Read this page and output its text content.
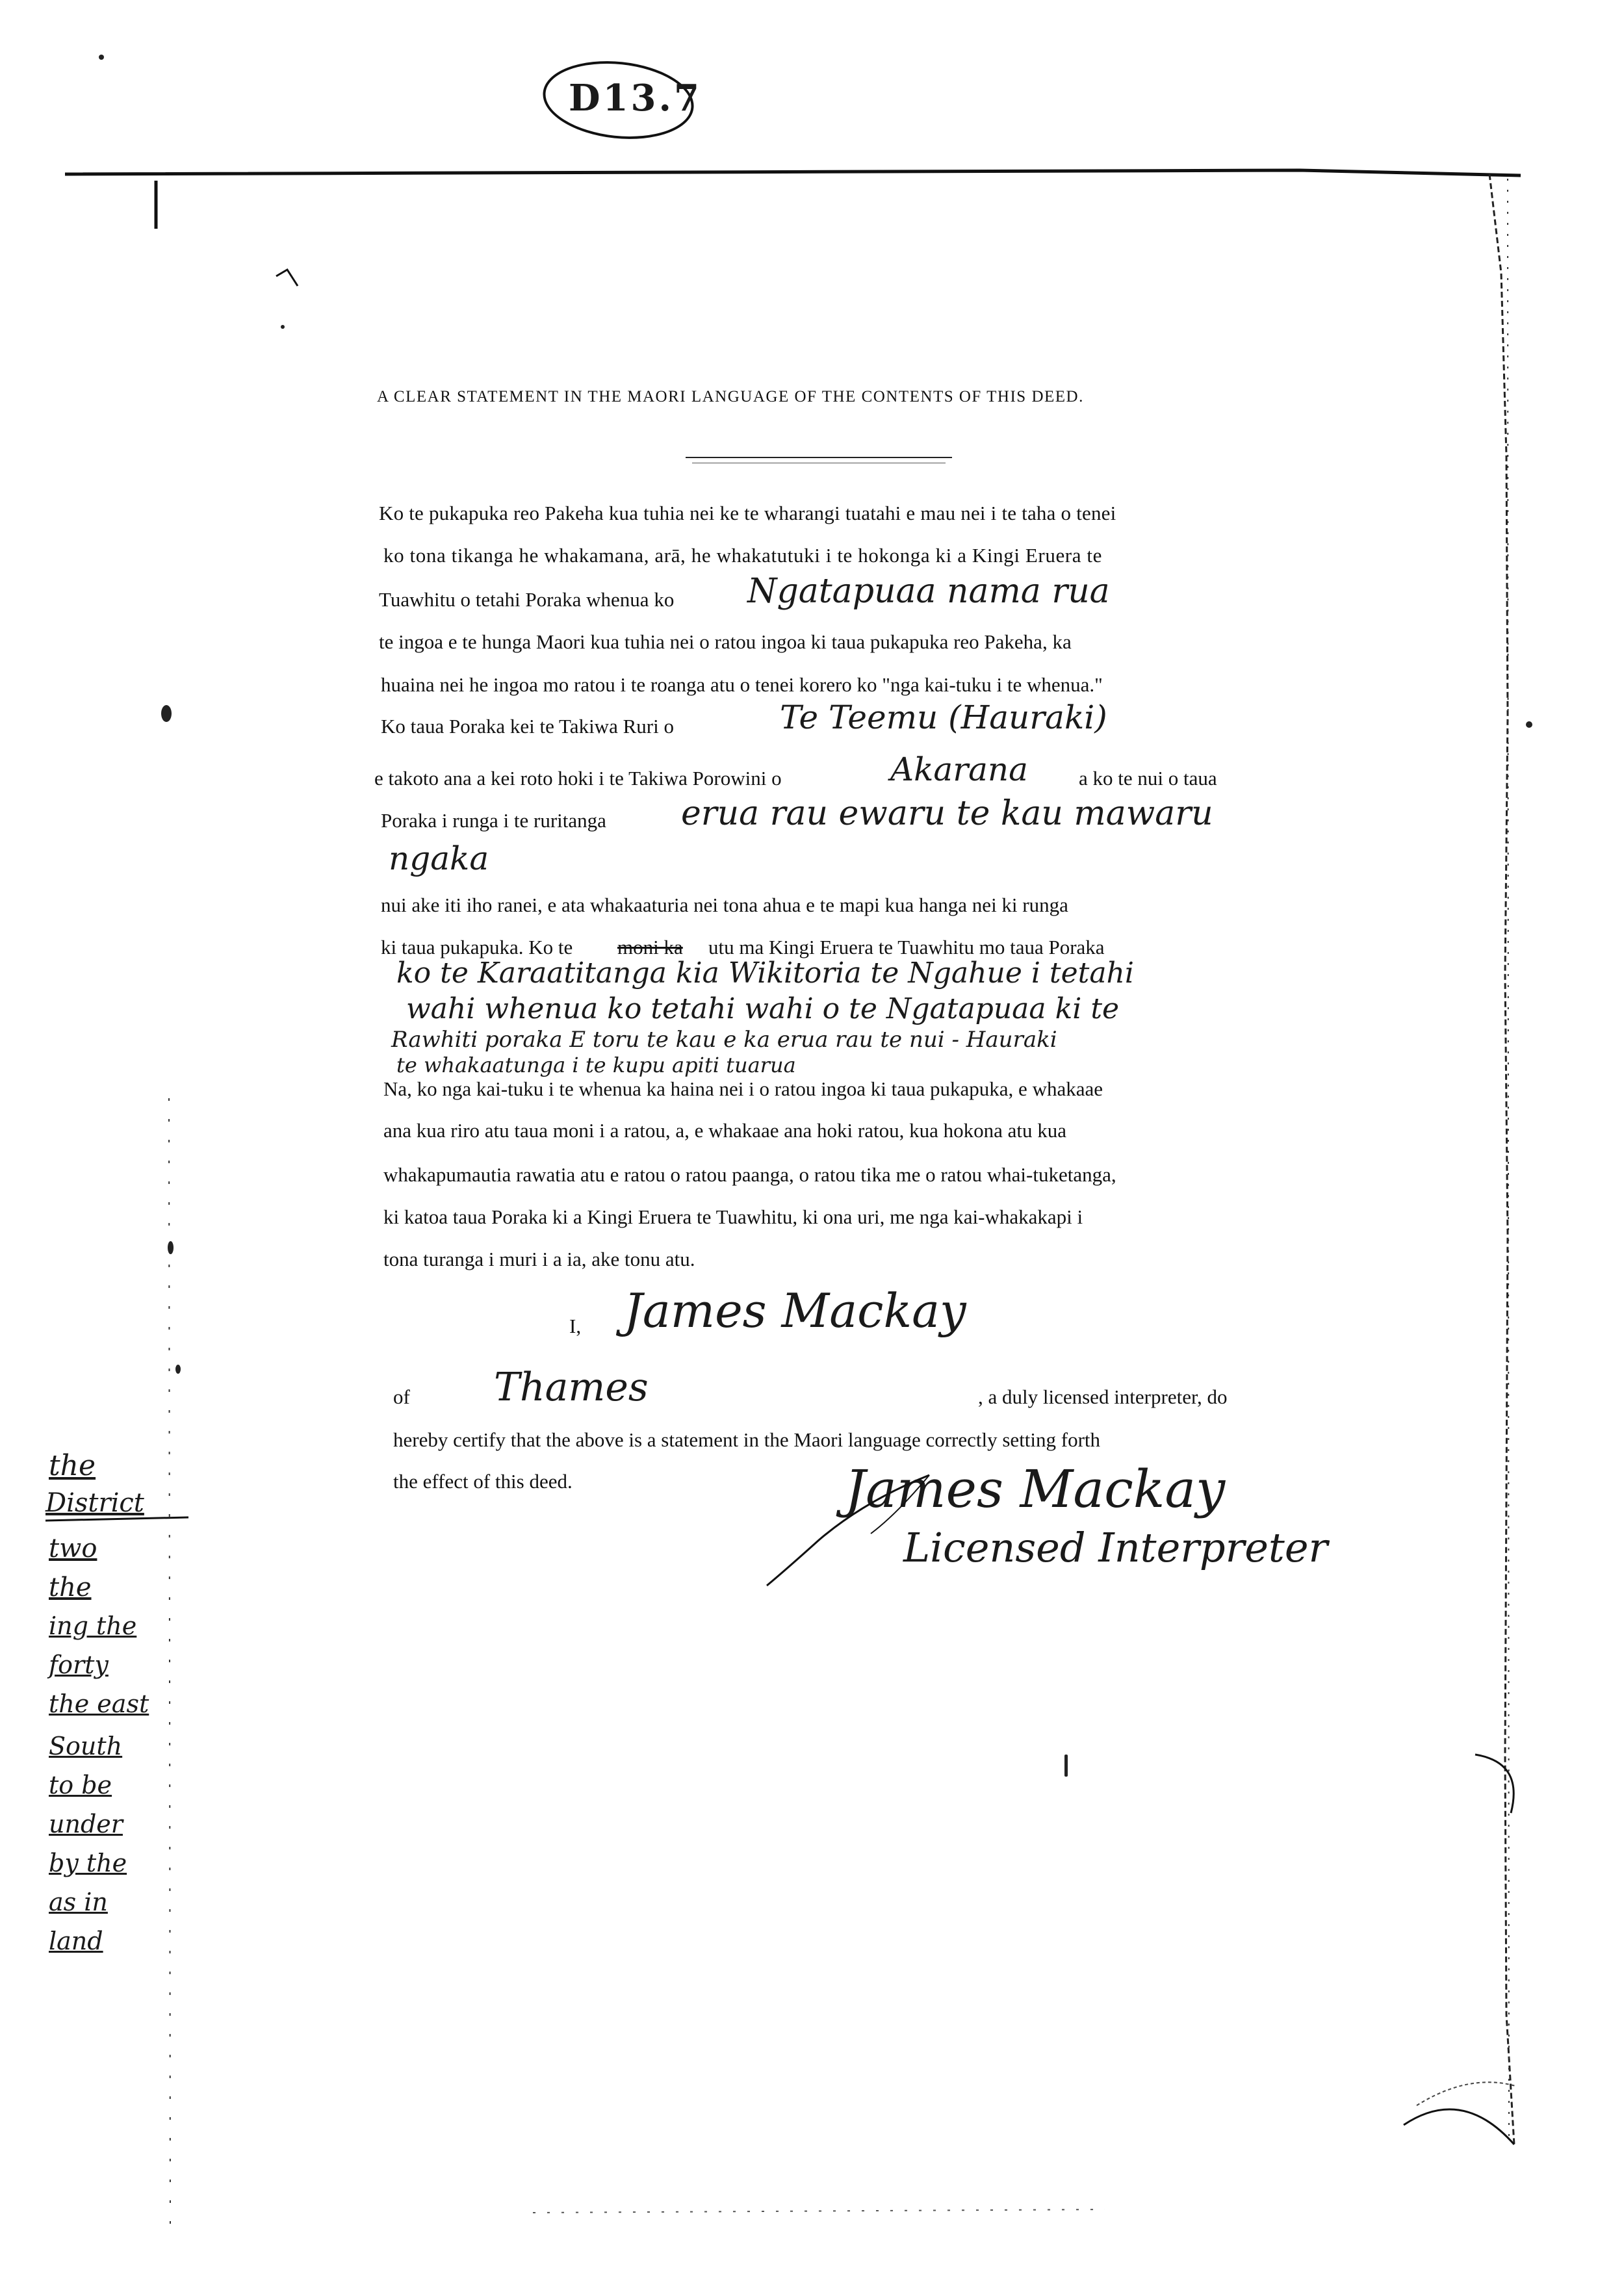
D13.7
A CLEAR STATEMENT IN THE MAORI LANGUAGE OF THE CONTENTS OF THIS DEED.
Ko te pukapuka reo Pakeha kua tuhia nei ke te wharangi tuatahi e mau nei i te taha o tenei
ko tona tikanga he whakamana, arā, he whakatutuki i te hokonga ki a Kingi Eruera te
Tuawhitu o tetahi Poraka whenua ko Ngatapuaa nama rua
te ingoa e te hunga Maori kua tuhia nei o ratou ingoa ki taua pukapuka reo Pakeha, ka
huaina nei he ingoa mo ratou i te roanga atu o tenei korero ko "nga kai-tuku i te whenua."
Ko taua Poraka kei te Takiwa Ruri o	Te Teemu (Hauraki)
e takoto ana a kei roto hoki i te Takiwa Porowini o	Akarana	a ko te nui o taua
Poraka i runga i te ruritanga erua rau ewaru te kau mawaru
ngaka
nui ake iti iho ranei, e ata whakaaturia nei tona ahua e te mapi kua hanga nei ki runga
ki taua pukapuka. Ko te moni ka utu ma Kingi Eruera te Tuawhitu mo taua Poraka
ko te Karaatitanga kia Wikitoria te Ngahue i tetahi
wahi whenua ko tetahi wahi o te Ngatapuaa ki te
Rawhiti poraka E toru te kau e ka erua rau te nui - Hauraki
te whakaatunga i te kupu apiti tuarua
Na, ko nga kai-tuku i te whenua ka haina nei i o ratou ingoa ki taua pukapuka, e whakaae
ana kua riro atu taua moni i a ratou, a, e whakaae ana hoki ratou, kua hokona atu kua
whakapumautia rawatia atu e ratou o ratou paanga, o ratou tika me o ratou whai-tuketanga,
ki katoa taua Poraka ki a Kingi Eruera te Tuawhitu, ki ona uri, me nga kai-whakakapi i
tona turanga i muri i a ia, ake tonu atu.
I, James Mackay
of Thames	, a duly licensed interpreter, do
hereby certify that the above is a statement in the Maori language correctly setting forth
the effect of this deed.	James Mackay
Licensed Interpreter
the
District
two
the
ing the
forty
the east
South
to be
under
by the
as in
land
